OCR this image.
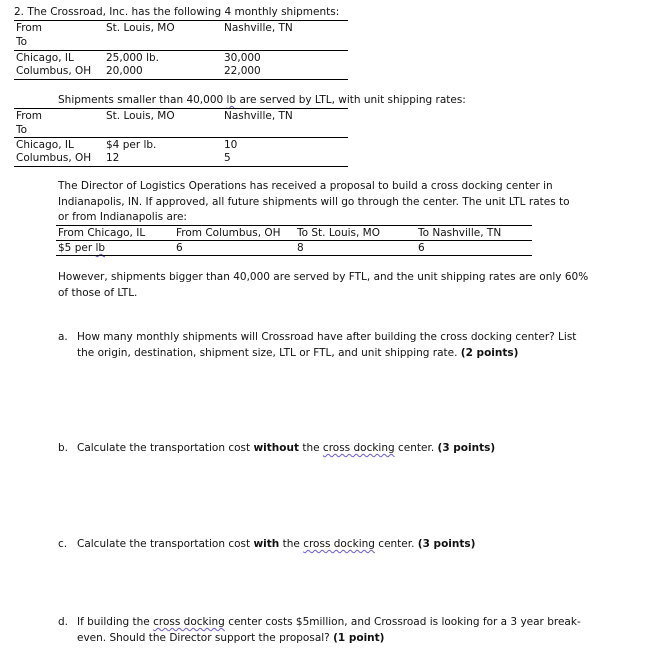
2. The Crossroad, Inc. has the following 4 monthly shipments:
From	St. Louis, MO	Nashville, TN
To
Chicago, IL	25,000 lb.	30,000
Columbus, OH 20,000	22,000
Shipments smaller than 40,000 lb are served by LTL, with unit shipping rates:
From	St. Louis, MO	Nashville, TN
To
Chicago, IL	$4 per lb.	10
Columbus, OH 12	5
The Director of Logistics Operations has received a proposal to build a cross docking center in
Indianapolis, IN. If approved, all future shipments will go through the center. The unit LTL rates to
or from Indianapolis are:
From Chicago, IL	From Columbus, OH To St. Louis, MO	To Nashville, TN
$5 per lb	6	8	6
However, shipments bigger than 40,000 are served by FTL, and the unit shipping rates are only 60%
of those of LTL.
a. How many monthly shipments will Crossroad have after building the cross docking center? List
the origin, destination, shipment size, LTL or FTL, and unit shipping rate. (2 points)
b. Calculate the transportation cost without the cross docking center. (3 points)
c. Calculate the transportation cost with the cross docking center. (3 points)
d. If building the cross docking center costs $5million, and Crossroad is looking for a 3 year break-
even. Should the Director support the proposal? (1 point)
